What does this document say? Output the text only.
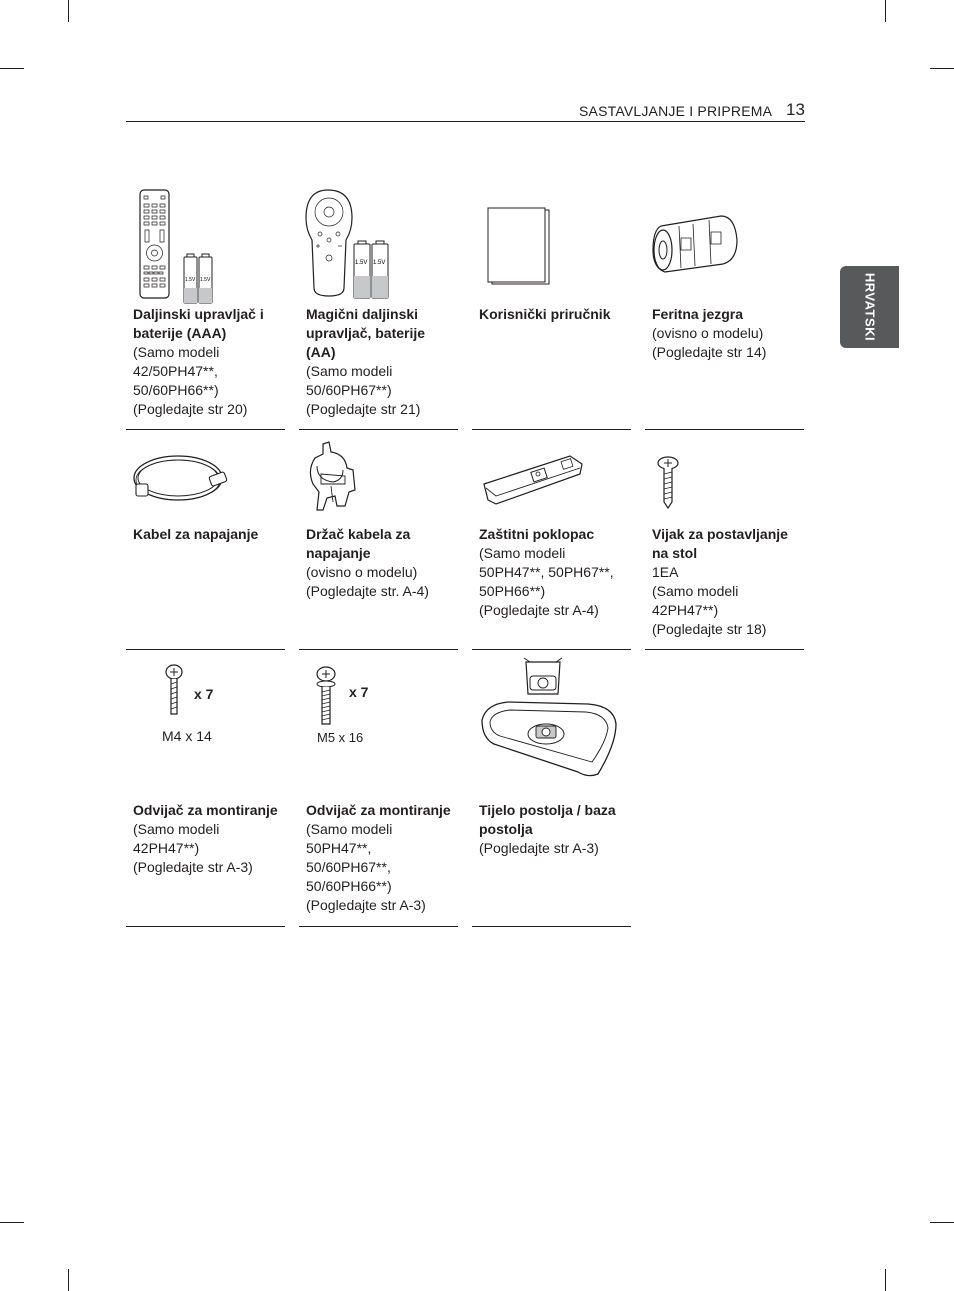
SASTAVLJANJE I PRIPREMA 13
HRVATSKI
1.5V 1.5V
Daljinski upravljač i baterije (AAA)
(Samo modeli
42/50PH47**,
50/60PH66**)
(Pogledajte str 20)
1.5V 1.5V
Magični daljinski upravljač, baterije (AA)
(Samo modeli
50/60PH67**)
(Pogledajte str 21)
Korisnički priručnik	Feritna jezgra
(ovisno o modelu)
(Pogledajte str 14)
Kabel za napajanje	Držač kabela za napajanje
(ovisno o modelu)
(Pogledajte str. A-4)
Zaštitni poklopac
(Samo modeli
50PH47**, 50PH67**,
50PH66**)
(Pogledajte str A-4)
Vijak za postavljanje na stol
1EA
(Samo modeli
42PH47**)
(Pogledajte str 18)
x 7
M4 x 14
Odvijač za montiranje
(Samo modeli
42PH47**)
(Pogledajte str A-3)
x 7
M5 x 16
Odvijač za montiranje
(Samo modeli
50PH47**,
50/60PH67**,
50/60PH66**)
(Pogledajte str A-3)
Tijelo postolja / baza postolja
(Pogledajte str A-3)
